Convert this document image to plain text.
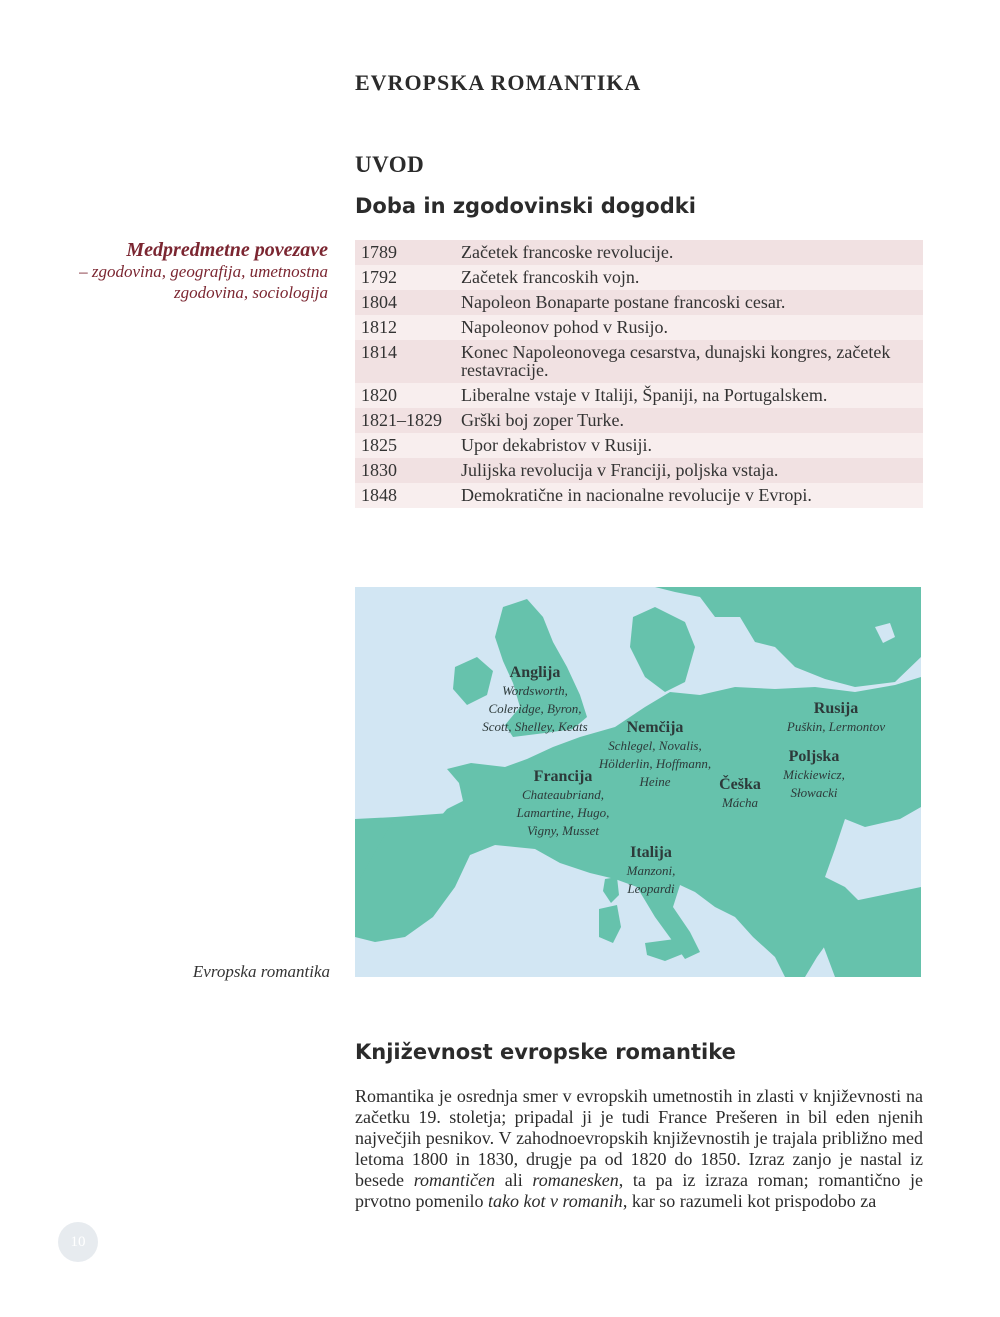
EVROPSKA ROMANTIKA
UVOD
Doba in zgodovinski dogodki
Medpredmetne povezave
– zgodovina, geografija, umetnostna zgodovina, sociologija
1789	Začetek francoske revolucije.
1792	Začetek francoskih vojn.
1804	Napoleon Bonaparte postane francoski cesar.
1812	Napoleonov pohod v Rusijo.
1814	Konec Napoleonovega cesarstva, dunajski kongres, začetek restavracije.
1820	Liberalne vstaje v Italiji, Španiji, na Portugalskem.
1821–1829	Grški boj zoper Turke.
1825	Upor dekabristov v Rusiji.
1830	Julijska revolucija v Franciji, poljska vstaja.
1848	Demokratične in nacionalne revolucije v Evropi.
Anglija
Wordsworth,
Coleridge, Byron,
Scott, Shelley, Keats	Nemčija
Schlegel, Novalis,
Hölderlin, Hoffmann,
Heine
Rusija
Puškin, Lermontov
Poljska
Mickiewicz,
Słowacki
Francija
Chateaubriand,
Lamartine, Hugo,
Vigny, Musset
Češka
Mácha
Italija
Manzoni,
Leopardi
Evropska romantika
Književnost evropske romantike

Romantika je osrednja smer v evropskih umetnostih in zlasti v književnosti na začetku 19. stoletja; pripadal ji je tudi France Prešeren in bil eden njenih največjih pesnikov. V zahodnoevropskih književnostih je trajala približno med letoma 1800 in 1830, drugje pa od 1820 do 1850. Izraz zanjo je nastal iz besede romantičen ali romanesken, ta pa iz izraza roman; romantično je prvotno pomenilo tako kot v romanih, kar so razumeli kot prispodobo za

10
